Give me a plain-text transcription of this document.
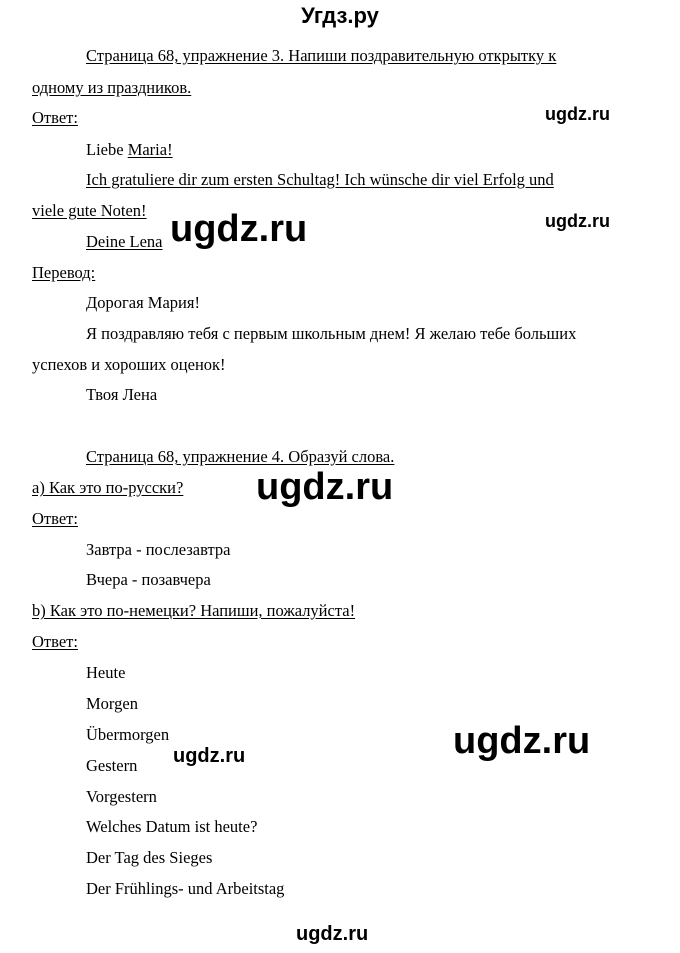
Угдз.ру
Страница 68, упражнение 3. Напиши поздравительную открытку к
одному из праздников.
Ответ:
Liebe Maria!
Ich gratuliere dir zum ersten Schultag! Ich wünsche dir viel Erfolg und
viele gute Noten!
Deine Lena
Перевод:
Дорогая Мария!
Я поздравляю тебя с первым школьным днем! Я желаю тебе больших
успехов и хороших оценок!
Твоя Лена
Страница 68, упражнение 4. Образуй слова.
а) Как это по-русски?
Ответ:
Завтра - послезавтра
Вчера - позавчера
b) Как это по-немецки? Напиши, пожалуйста!
Ответ:
Heute
Morgen
Übermorgen
Gestern
Vorgestern
Welches Datum ist heute?
Der Tag des Sieges
Der Frühlings- und Arbeitstag
ugdz.ru
ugdz.ru
ugdz.ru
ugdz.ru
ugdz.ru
ugdz.ru
ugdz.ru
